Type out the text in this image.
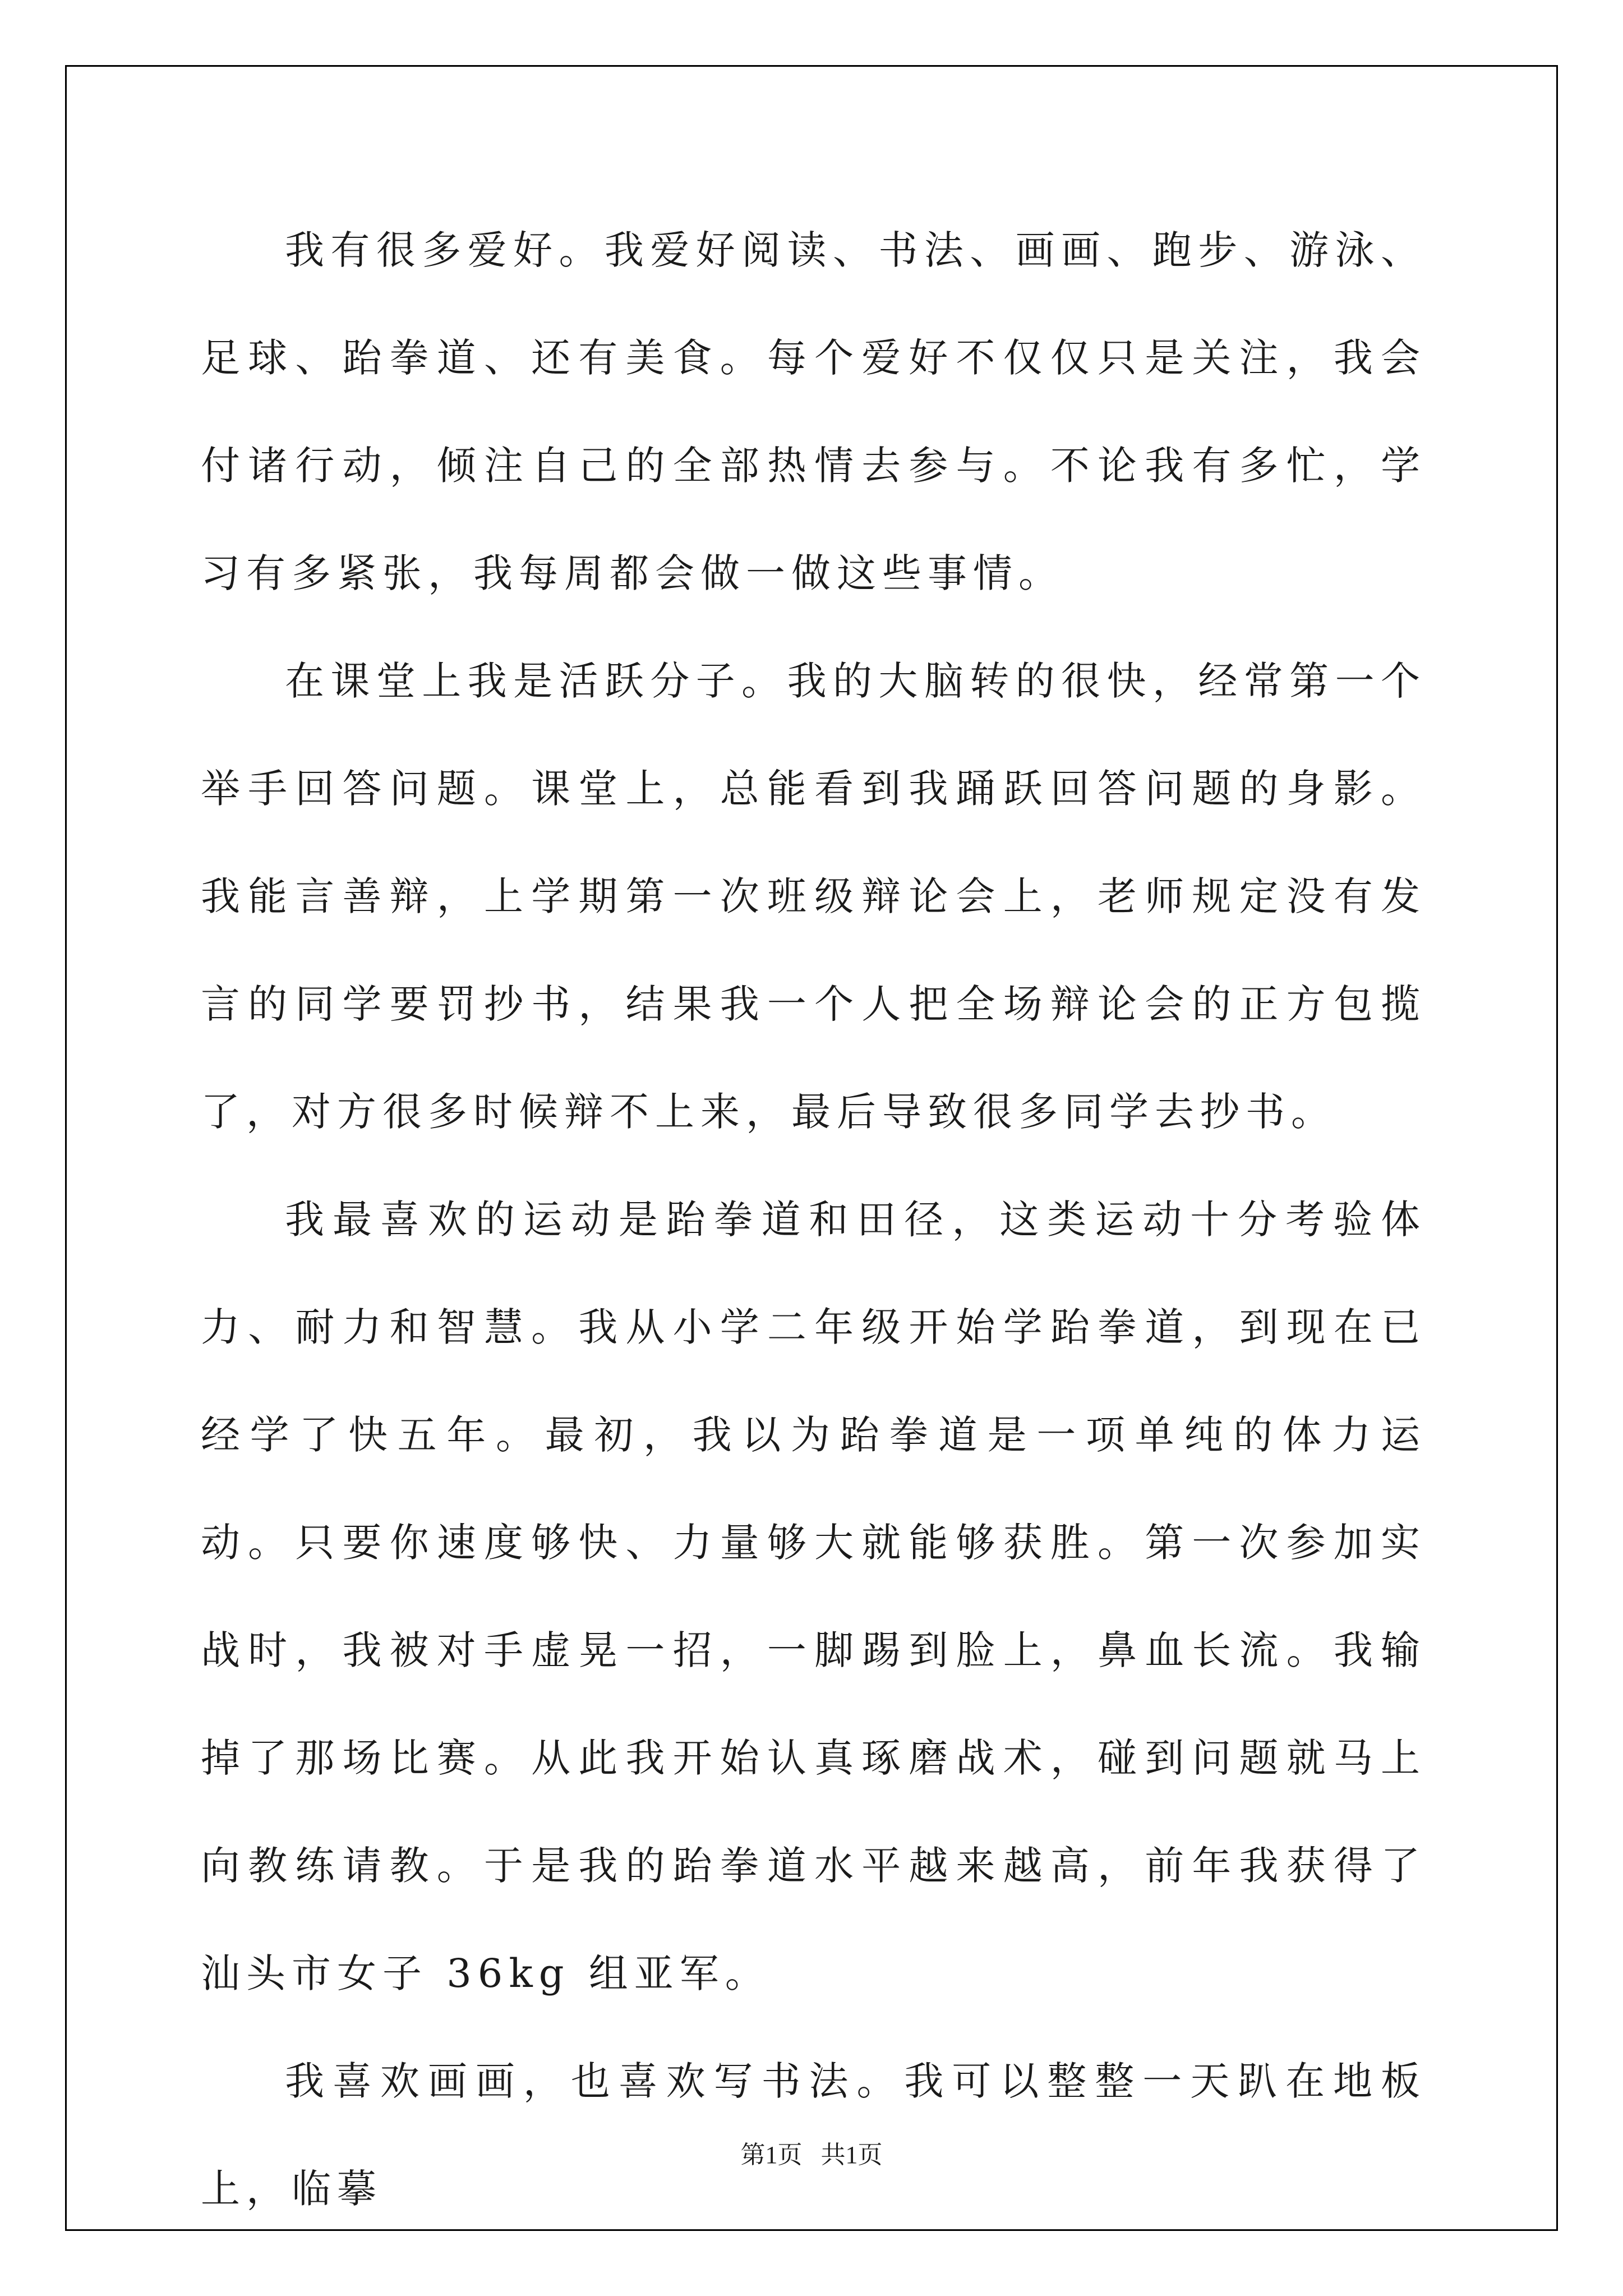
我有很多爱好。我爱好阅读、书法、画画、跑步、游泳、足球、跆拳道、还有美食。每个爱好不仅仅只是关注，我会付诸行动，倾注自己的全部热情去参与。不论我有多忙，学习有多紧张，我每周都会做一做这些事情。

在课堂上我是活跃分子。我的大脑转的很快，经常第一个举手回答问题。课堂上，总能看到我踊跃回答问题的身影。我能言善辩，上学期第一次班级辩论会上，老师规定没有发言的同学要罚抄书，结果我一个人把全场辩论会的正方包揽了，对方很多时候辩不上来，最后导致很多同学去抄书。

我最喜欢的运动是跆拳道和田径，这类运动十分考验体力、耐力和智慧。我从小学二年级开始学跆拳道，到现在已经学了快五年。最初，我以为跆拳道是一项单纯的体力运动。只要你速度够快、力量够大就能够获胜。第一次参加实战时，我被对手虚晃一招，一脚踢到脸上，鼻血长流。我输掉了那场比赛。从此我开始认真琢磨战术，碰到问题就马上向教练请教。于是我的跆拳道水平越来越高，前年我获得了汕头市女子 36kg 组亚军。

我喜欢画画，也喜欢写书法。我可以整整一天趴在地板上，临摹

第1页   共1页
